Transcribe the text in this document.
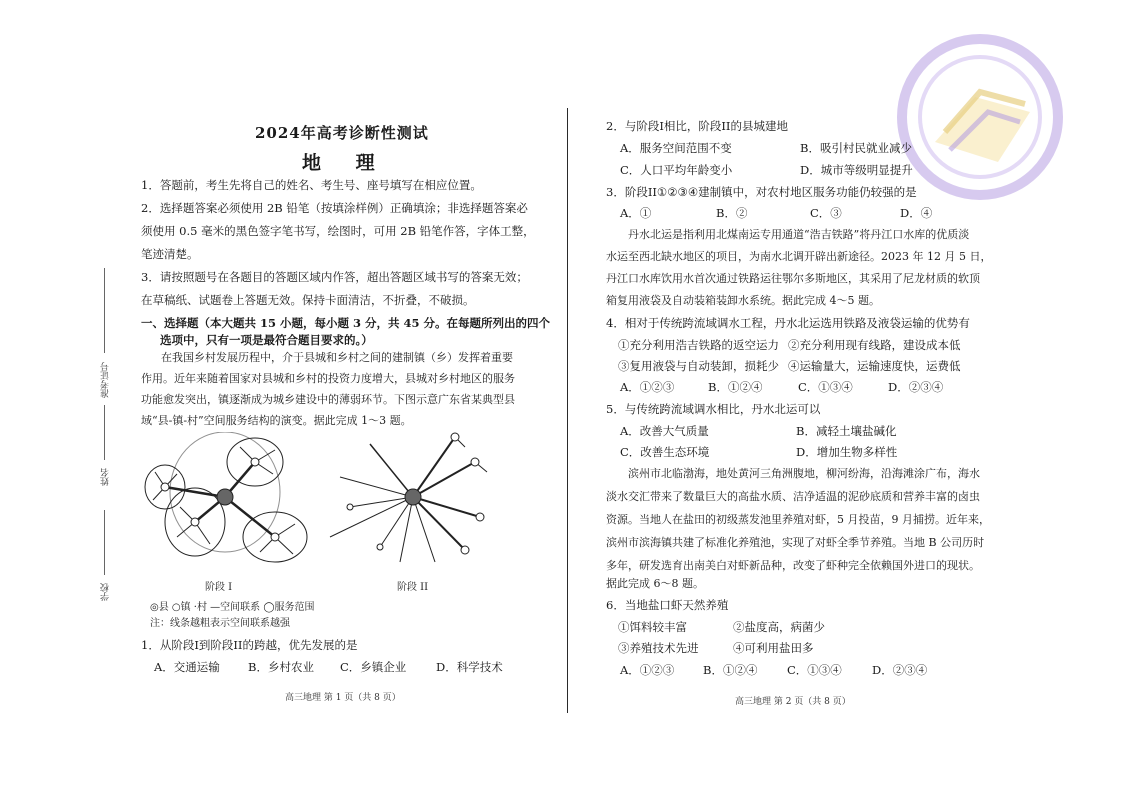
准考证号
姓名
学校
2024年高考诊断性测试
地 理
1．答题前，考生先将自己的姓名、考生号、座号填写在相应位置。
2．选择题答案必须使用 2B 铅笔（按填涂样例）正确填涂；非选择题答案必
须使用 0.5 毫米的黑色签字笔书写，绘图时，可用 2B 铅笔作答，字体工整，
笔迹清楚。
3．请按照题号在各题目的答题区域内作答，超出答题区域书写的答案无效；
在草稿纸、试题卷上答题无效。保持卡面清洁，不折叠，不破损。
一、选择题（本大题共 15 小题，每小题 3 分，共 45 分。在每题所列出的四个
选项中，只有一项是最符合题目要求的。）
在我国乡村发展历程中，介于县城和乡村之间的建制镇（乡）发挥着重要
作用。近年来随着国家对县城和乡村的投资力度增大，县城对乡村地区的服务
功能愈发突出，镇逐渐成为城乡建设中的薄弱环节。下图示意广东省某典型县
域“县-镇-村”空间服务结构的演变。据此完成 1～3 题。
阶段 I	阶段 II
◎县 ○镇 ·村 —空间联系 ◯服务范围
注：线条越粗表示空间联系越强
1．从阶段I到阶段II的跨越，优先发展的是
A．交通运输 B．乡村农业 C．乡镇企业	D．科学技术
高三地理 第 1 页（共 8 页）
2．与阶段I相比，阶段II的县城建地
A．服务空间范围不变	B．吸引村民就业减少
C．人口平均年龄变小	D．城市等级明显提升
3．阶段II①②③④建制镇中，对农村地区服务功能仍较强的是
A．①	B．②	C．③	D．④
丹水北运是指利用北煤南运专用通道“浩吉铁路”将丹江口水库的优质淡
水运至西北缺水地区的项目，为南水北调开辟出新途径。2023 年 12 月 5 日，
丹江口水库饮用水首次通过铁路运往鄂尔多斯地区，其采用了尼龙材质的软顶
箱复用液袋及自动装箱装卸水系统。据此完成 4～5 题。
4．相对于传统跨流域调水工程，丹水北运选用铁路及液袋运输的优势有
①充分利用浩吉铁路的返空运力 ②充分利用现有线路，建设成本低
③复用液袋与自动装卸，损耗少 ④运输量大，运输速度快，运费低
A．①②③	B．①②④	C．①③④	D．②③④
5．与传统跨流域调水相比，丹水北运可以
A．改善大气质量	B．减轻土壤盐碱化
C．改善生态环境	D．增加生物多样性
滨州市北临渤海，地处黄河三角洲腹地，柳河纷海，沿海滩涂广布，海水
淡水交汇带来了数量巨大的高盐水质、洁净适温的泥砂底质和营养丰富的卤虫
资源。当地人在盐田的初级蒸发池里养殖对虾，5 月投苗，9 月捕捞。近年来，
滨州市滨海镇共建了标准化养殖池，实现了对虾全季节养殖。当地 B 公司历时
多年，研发选育出南美白对虾新品种，改变了虾种完全依赖国外进口的现状。
据此完成 6～8 题。
6．当地盐口虾天然养殖
①饵料较丰富	②盐度高，病菌少
③养殖技术先进	④可利用盐田多
A．①②③ B．①②④	C．①③④	D．②③④
高三地理 第 2 页（共 8 页）
